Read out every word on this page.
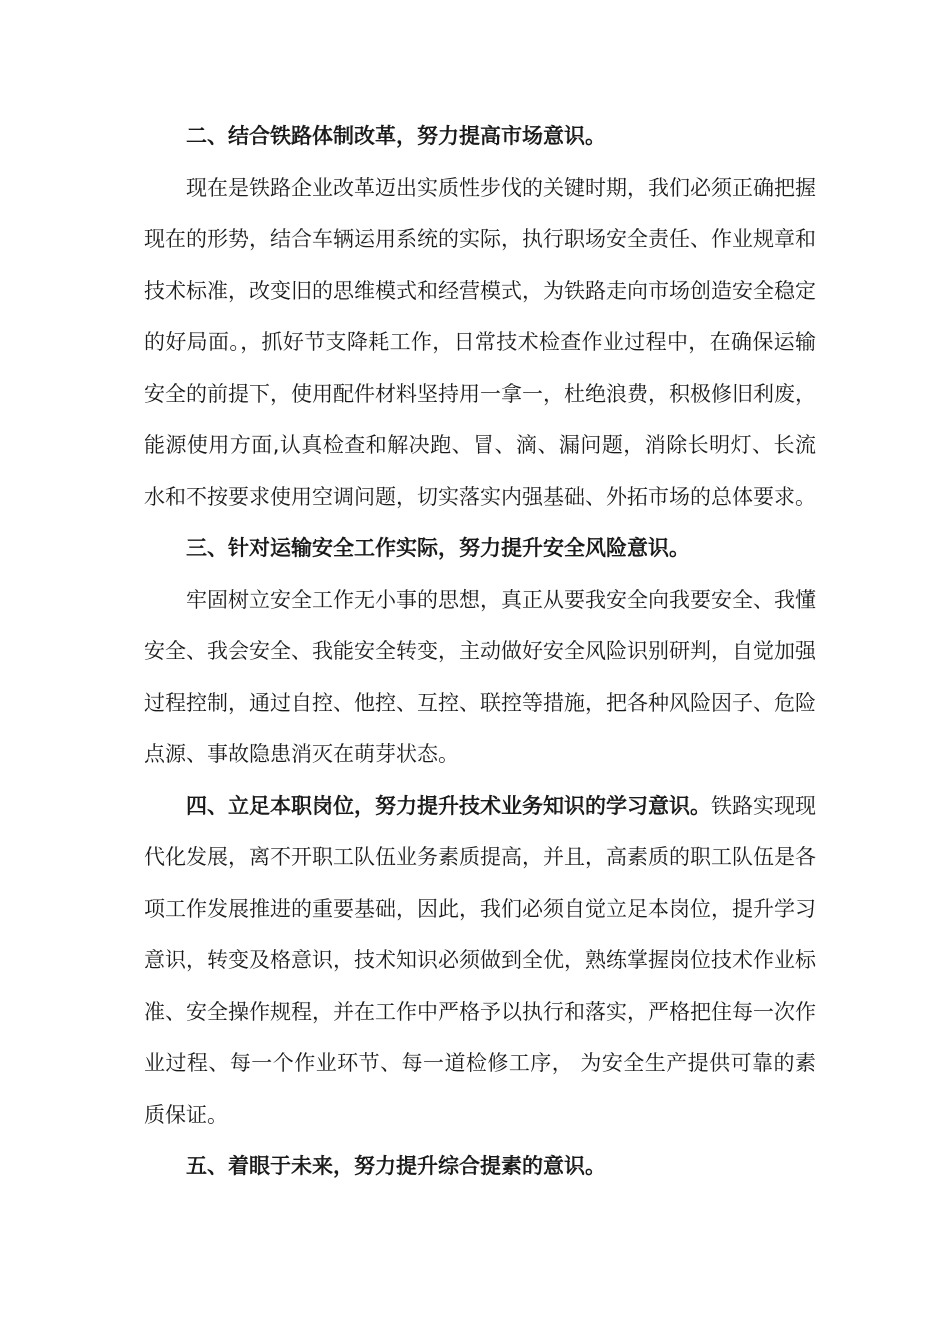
二、结合铁路体制改革，努力提高市场意识。

现在是铁路企业改革迈出实质性步伐的关键时期，我们必须正确把握现在的形势，结合车辆运用系统的实际，执行职场安全责任、作业规章和技术标准，改变旧的思维模式和经营模式，为铁路走向市场创造安全稳定的好局面。，抓好节支降耗工作，日常技术检查作业过程中，在确保运输安全的前提下，使用配件材料坚持用一拿一，杜绝浪费，积极修旧利废，能源使用方面,认真检查和解决跑、冒、滴、漏问题，消除长明灯、长流水和不按要求使用空调问题，切实落实内强基础、外拓市场的总体要求。

三、针对运输安全工作实际，努力提升安全风险意识。

牢固树立安全工作无小事的思想，真正从要我安全向我要安全、我懂安全、我会安全、我能安全转变，主动做好安全风险识别研判，自觉加强过程控制，通过自控、他控、互控、联控等措施，把各种风险因子、危险点源、事故隐患消灭在萌芽状态。

四、立足本职岗位，努力提升技术业务知识的学习意识。铁路实现现代化发展，离不开职工队伍业务素质提高，并且，高素质的职工队伍是各项工作发展推进的重要基础，因此，我们必须自觉立足本岗位，提升学习意识，转变及格意识，技术知识必须做到全优，熟练掌握岗位技术作业标准、安全操作规程，并在工作中严格予以执行和落实，严格把住每一次作业过程、每一个作业环节、每一道检修工序， 为安全生产提供可靠的素质保证。

五、着眼于未来，努力提升综合提素的意识。
